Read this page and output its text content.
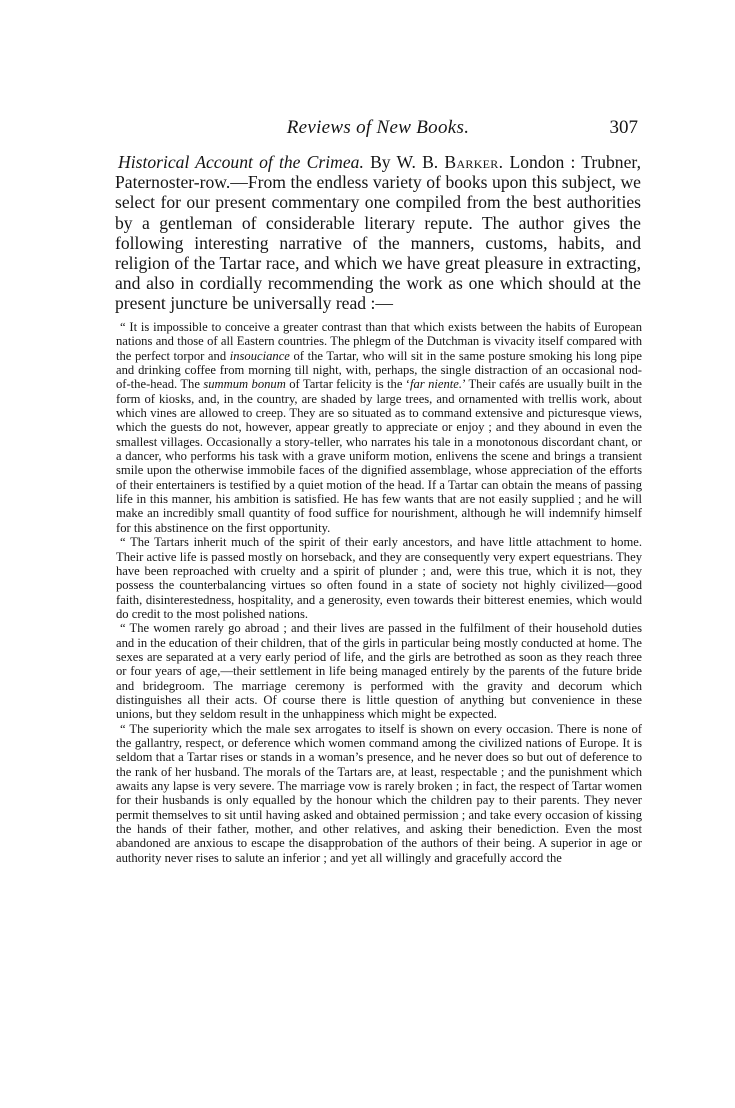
Reviews of New Books.	307

Historical Account of the Crimea. By W. B. Barker. London : Trubner, Paternoster-row.—From the endless variety of books upon this subject, we select for our present commentary one compiled from the best authorities by a gentleman of considerable literary repute. The author gives the following interesting narrative of the manners, customs, habits, and religion of the Tartar race, and which we have great pleasure in extracting, and also in cordially recommending the work as one which should at the present juncture be universally read :—

“ It is impossible to conceive a greater contrast than that which exists between the habits of European nations and those of all Eastern countries. The phlegm of the Dutchman is vivacity itself compared with the perfect torpor and insouciance of the Tartar, who will sit in the same posture smoking his long pipe and drinking coffee from morning till night, with, perhaps, the single distraction of an occasional nod-of-the-head. The summum bonum of Tartar felicity is the ‘far niente.’ Their cafés are usually built in the form of kiosks, and, in the country, are shaded by large trees, and ornamented with trellis work, about which vines are allowed to creep. They are so situated as to command extensive and picturesque views, which the guests do not, however, appear greatly to appreciate or enjoy ; and they abound in even the smallest villages. Occasionally a story-teller, who narrates his tale in a monotonous discordant chant, or a dancer, who performs his task with a grave uniform motion, enlivens the scene and brings a transient smile upon the otherwise immobile faces of the dignified assemblage, whose appreciation of the efforts of their entertainers is testified by a quiet motion of the head. If a Tartar can obtain the means of passing life in this manner, his ambition is satisfied. He has few wants that are not easily supplied ; and he will make an incredibly small quantity of food suffice for nourishment, although he will indemnify himself for this abstinence on the first opportunity.

“ The Tartars inherit much of the spirit of their early ancestors, and have little attachment to home. Their active life is passed mostly on horseback, and they are consequently very expert equestrians. They have been reproached with cruelty and a spirit of plunder ; and, were this true, which it is not, they possess the counterbalancing virtues so often found in a state of society not highly civilized—good faith, disinterestedness, hospitality, and a generosity, even towards their bitterest enemies, which would do credit to the most polished nations.

“ The women rarely go abroad ; and their lives are passed in the fulfilment of their household duties and in the education of their children, that of the girls in particular being mostly conducted at home. The sexes are separated at a very early period of life, and the girls are betrothed as soon as they reach three or four years of age,—their settlement in life being managed entirely by the parents of the future bride and bridegroom. The marriage ceremony is performed with the gravity and decorum which distinguishes all their acts. Of course there is little question of anything but convenience in these unions, but they seldom result in the unhappiness which might be expected.

“ The superiority which the male sex arrogates to itself is shown on every occasion. There is none of the gallantry, respect, or deference which women command among the civilized nations of Europe. It is seldom that a Tartar rises or stands in a woman’s presence, and he never does so but out of deference to the rank of her husband. The morals of the Tartars are, at least, respectable ; and the punishment which awaits any lapse is very severe. The marriage vow is rarely broken ; in fact, the respect of Tartar women for their husbands is only equalled by the honour which the children pay to their parents. They never permit themselves to sit until having asked and obtained permission ; and take every occasion of kissing the hands of their father, mother, and other relatives, and asking their benediction. Even the most abandoned are anxious to escape the disapprobation of the authors of their being. A superior in age or authority never rises to salute an inferior ; and yet all willingly and gracefully accord the
